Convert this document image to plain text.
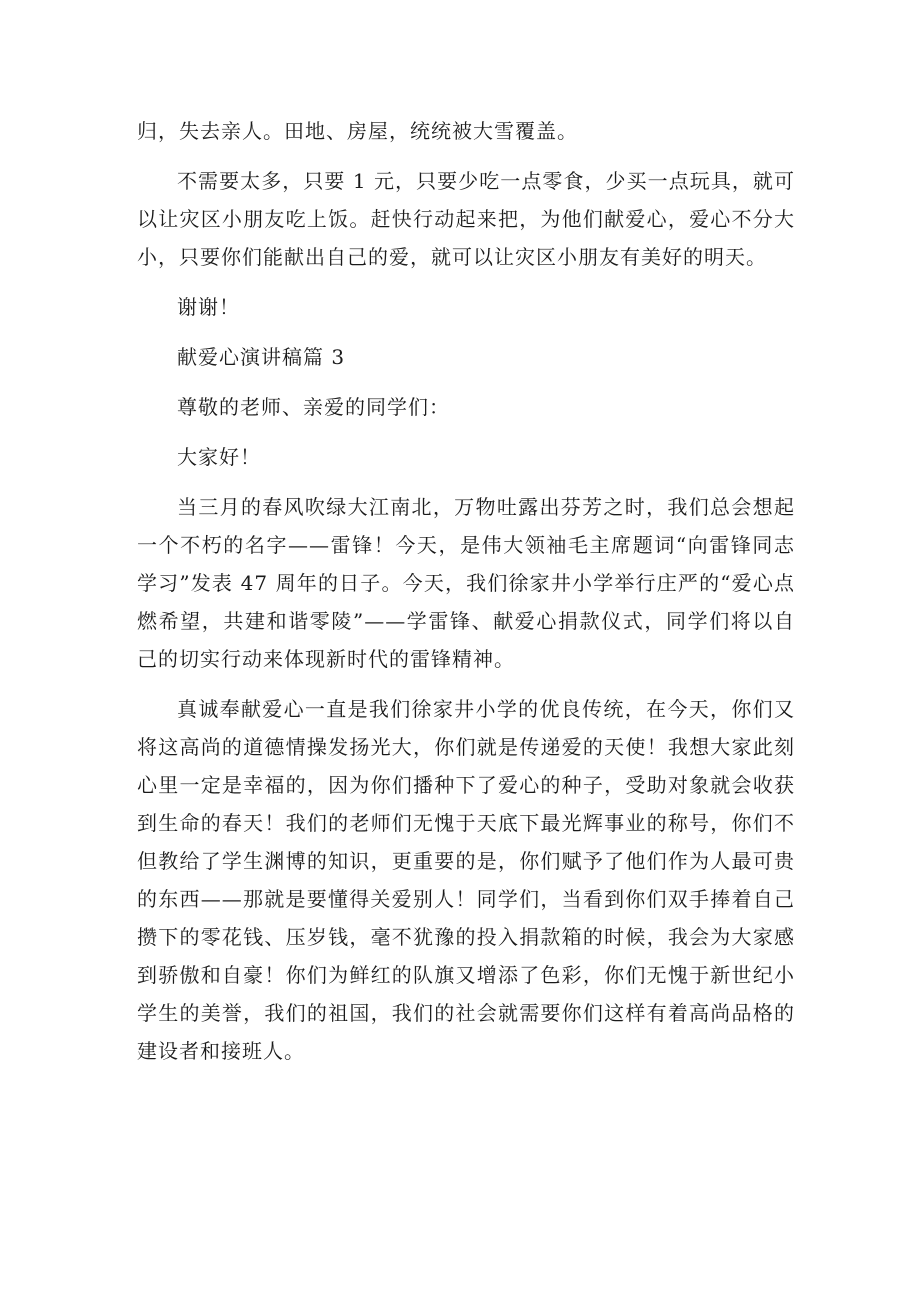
归，失去亲人。田地、房屋，统统被大雪覆盖。

不需要太多，只要 1 元，只要少吃一点零食，少买一点玩具，就可以让灾区小朋友吃上饭。赶快行动起来把，为他们献爱心，爱心不分大小，只要你们能献出自己的爱，就可以让灾区小朋友有美好的明天。

谢谢！

献爱心演讲稿篇 3

尊敬的老师、亲爱的同学们：

大家好！

当三月的春风吹绿大江南北，万物吐露出芬芳之时，我们总会想起一个不朽的名字——雷锋！今天，是伟大领袖毛主席题词“向雷锋同志学习”发表 47 周年的日子。今天，我们徐家井小学举行庄严的“爱心点燃希望，共建和谐零陵”——学雷锋、献爱心捐款仪式，同学们将以自己的切实行动来体现新时代的雷锋精神。

真诚奉献爱心一直是我们徐家井小学的优良传统，在今天，你们又将这高尚的道德情操发扬光大，你们就是传递爱的天使！我想大家此刻心里一定是幸福的，因为你们播种下了爱心的种子，受助对象就会收获到生命的春天！我们的老师们无愧于天底下最光辉事业的称号，你们不但教给了学生渊博的知识，更重要的是，你们赋予了他们作为人最可贵的东西——那就是要懂得关爱别人！同学们，当看到你们双手捧着自己攒下的零花钱、压岁钱，毫不犹豫的投入捐款箱的时候，我会为大家感到骄傲和自豪！你们为鲜红的队旗又增添了色彩，你们无愧于新世纪小学生的美誉，我们的祖国，我们的社会就需要你们这样有着高尚品格的建设者和接班人。
